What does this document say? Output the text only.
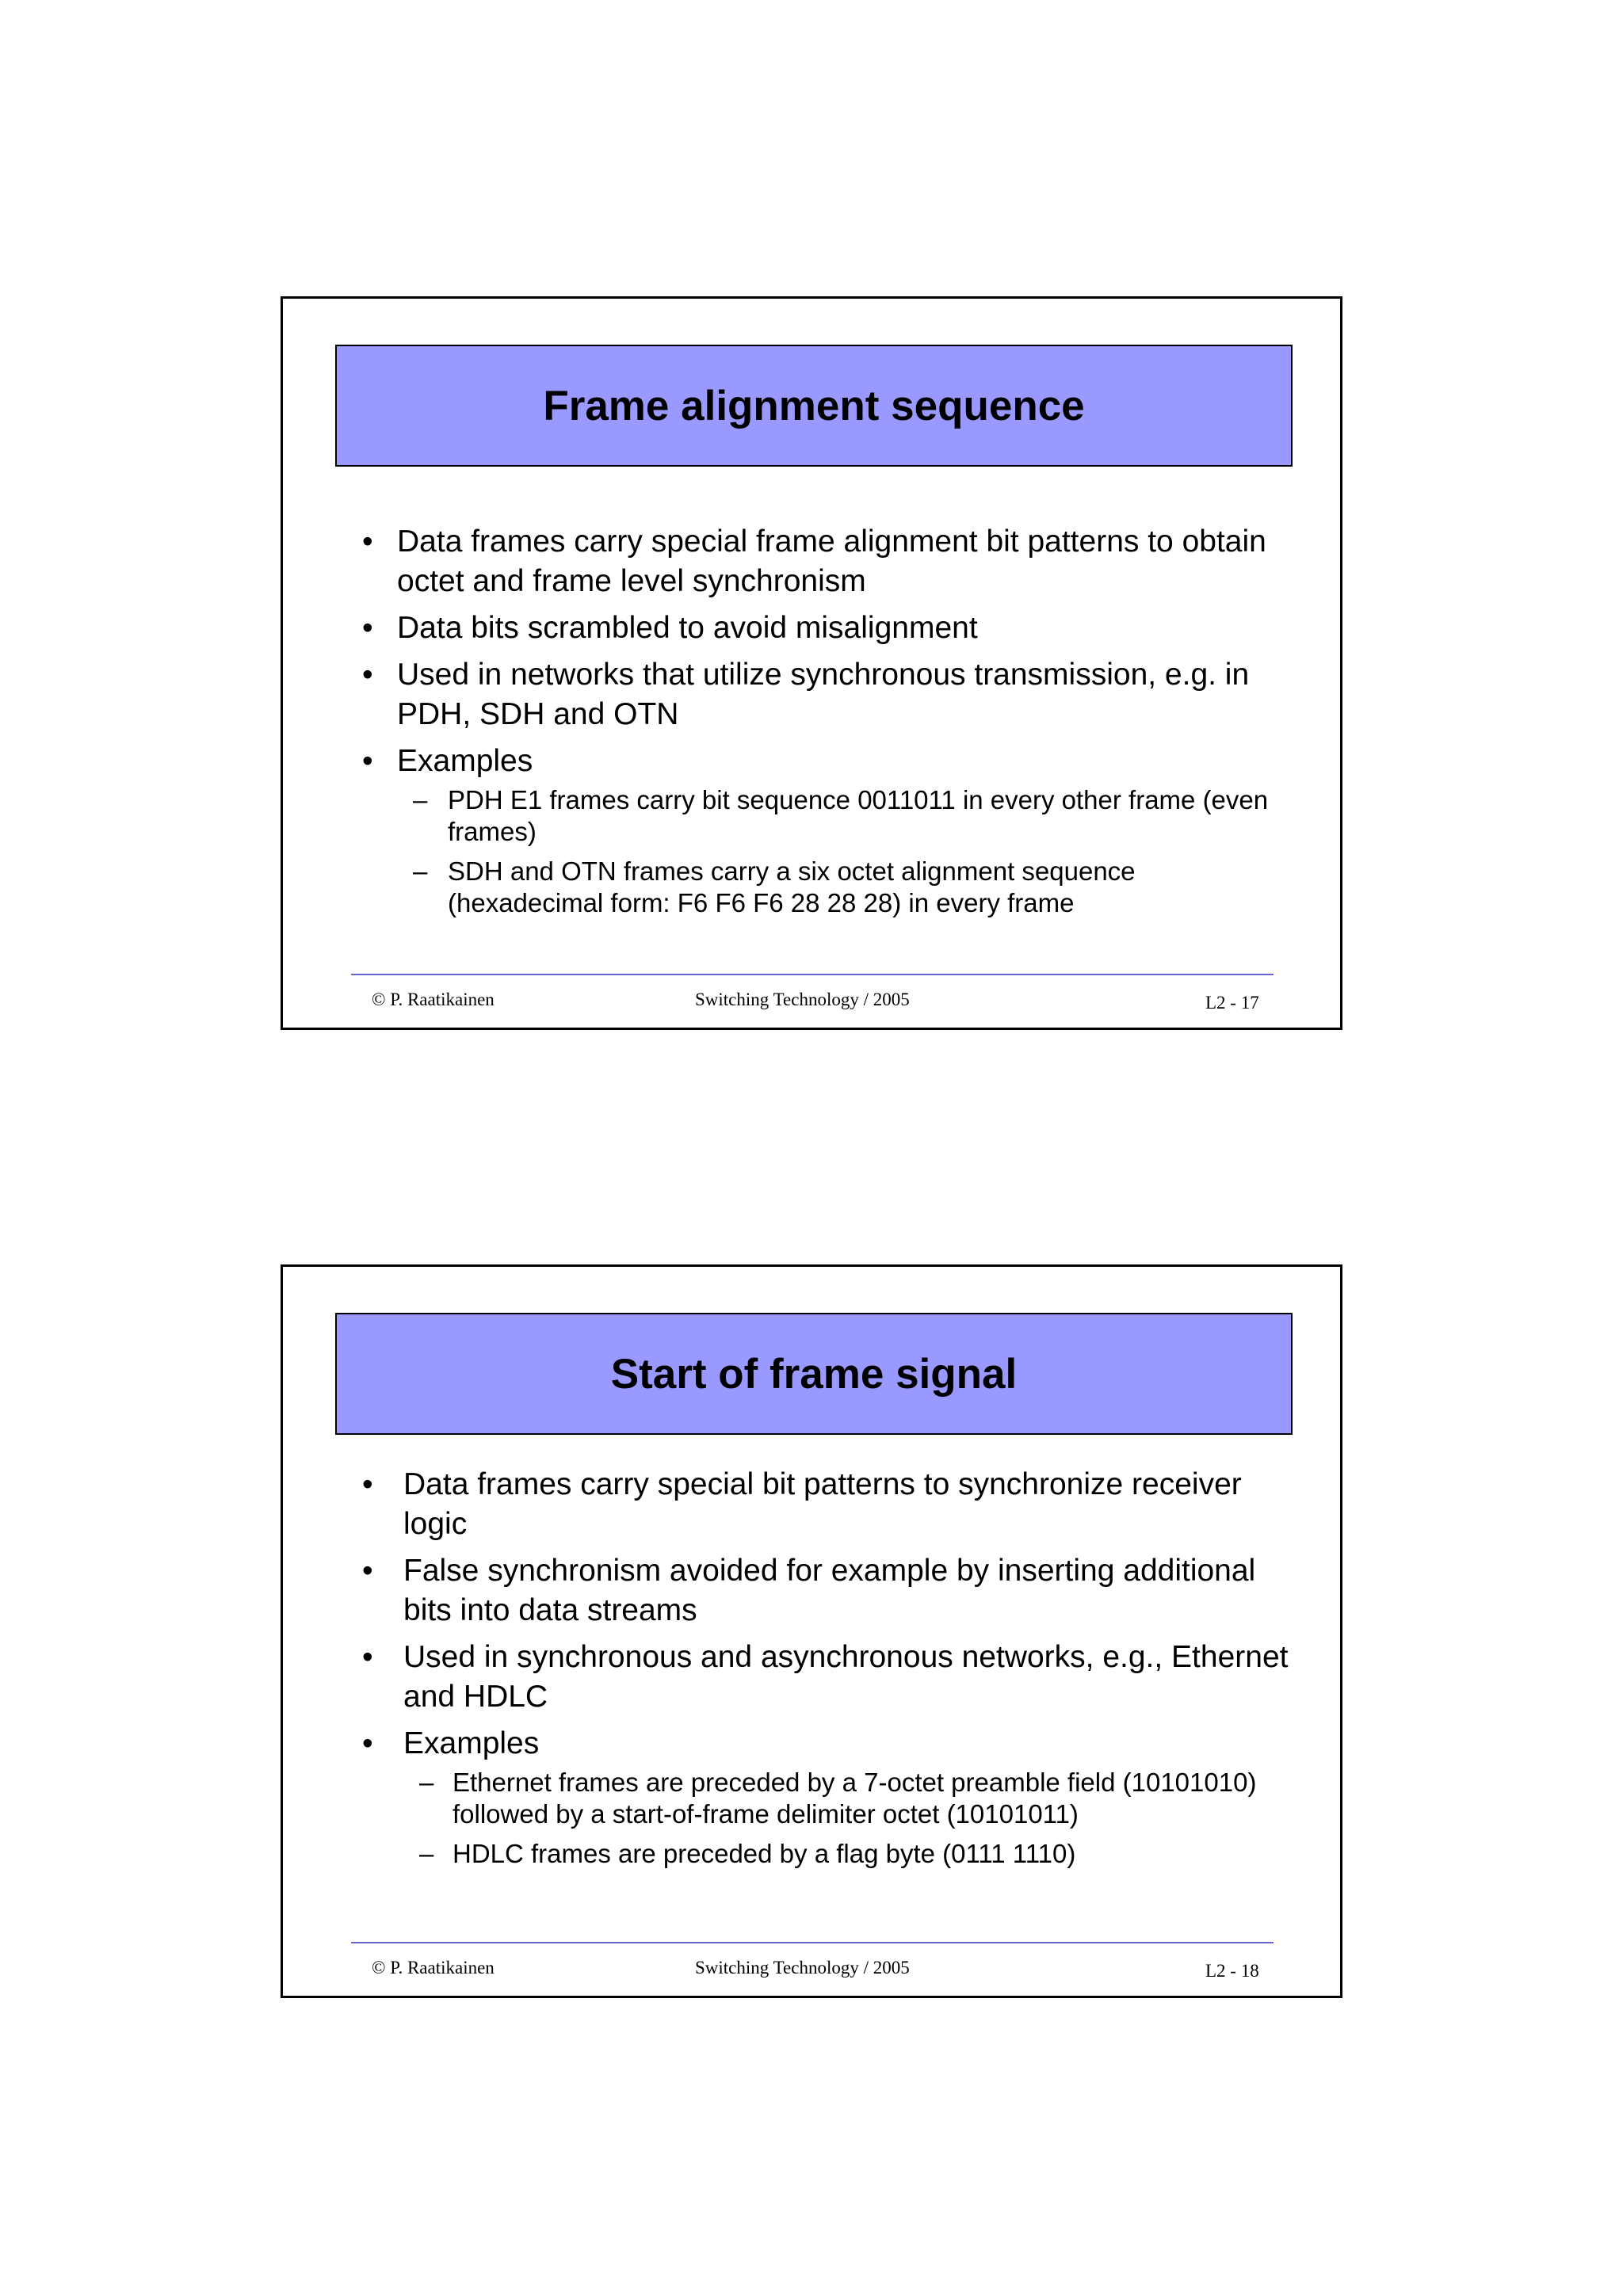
Frame alignment sequence
• Data frames carry special frame alignment bit patterns to obtain octet and frame level synchronism
• Data bits scrambled to avoid misalignment
• Used in networks that utilize synchronous transmission, e.g. in PDH, SDH and OTN
• Examples
– PDH E1 frames carry bit sequence 0011011 in every other frame (even frames)
– SDH and OTN frames carry a six octet alignment sequence (hexadecimal form: F6 F6 F6 28 28 28) in every frame
© P. Raatikainen	Switching Technology / 2005	L2 - 17
Start of frame signal
• Data frames carry special bit patterns to synchronize receiver logic
• False synchronism avoided for example by inserting additional bits into data streams
• Used in synchronous and asynchronous networks, e.g., Ethernet and HDLC
• Examples
– Ethernet frames are preceded by a 7-octet preamble field (10101010) followed by a start-of-frame delimiter octet (10101011)
– HDLC frames are preceded by a flag byte (0111 1110)
© P. Raatikainen	Switching Technology / 2005	L2 - 18
